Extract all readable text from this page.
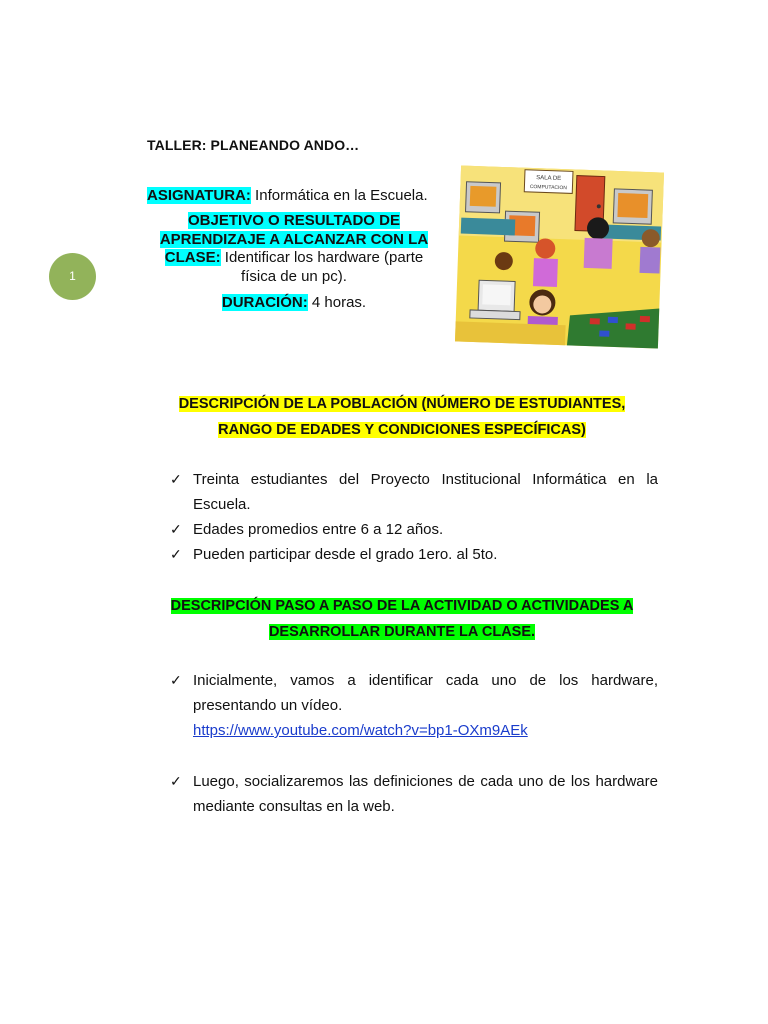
1
TALLER: PLANEANDO ANDO…
ASIGNATURA: Informática en la Escuela.
OBJETIVO O RESULTADO DE APRENDIZAJE A ALCANZAR CON LA CLASE: Identificar los hardware (parte física de un pc).
DURACIÓN: 4 horas.
SALA DE
COMPUTACION
DESCRIPCIÓN DE LA POBLACIÓN (NÚMERO DE ESTUDIANTES,
RANGO DE EDADES Y CONDICIONES ESPECÍFICAS)
✓ Treinta estudiantes del Proyecto Institucional Informática en la Escuela.
✓ Edades promedios entre 6 a 12 años.
✓ Pueden participar desde el grado 1ero. al 5to.
DESCRIPCIÓN PASO A PASO DE LA ACTIVIDAD O ACTIVIDADES A
DESARROLLAR DURANTE LA CLASE.
✓ Inicialmente, vamos a identificar cada uno de los hardware, presentando un vídeo.
https://www.youtube.com/watch?v=bp1-OXm9AEk
✓ Luego, socializaremos las definiciones de cada uno de los hardware mediante consultas en la web.
